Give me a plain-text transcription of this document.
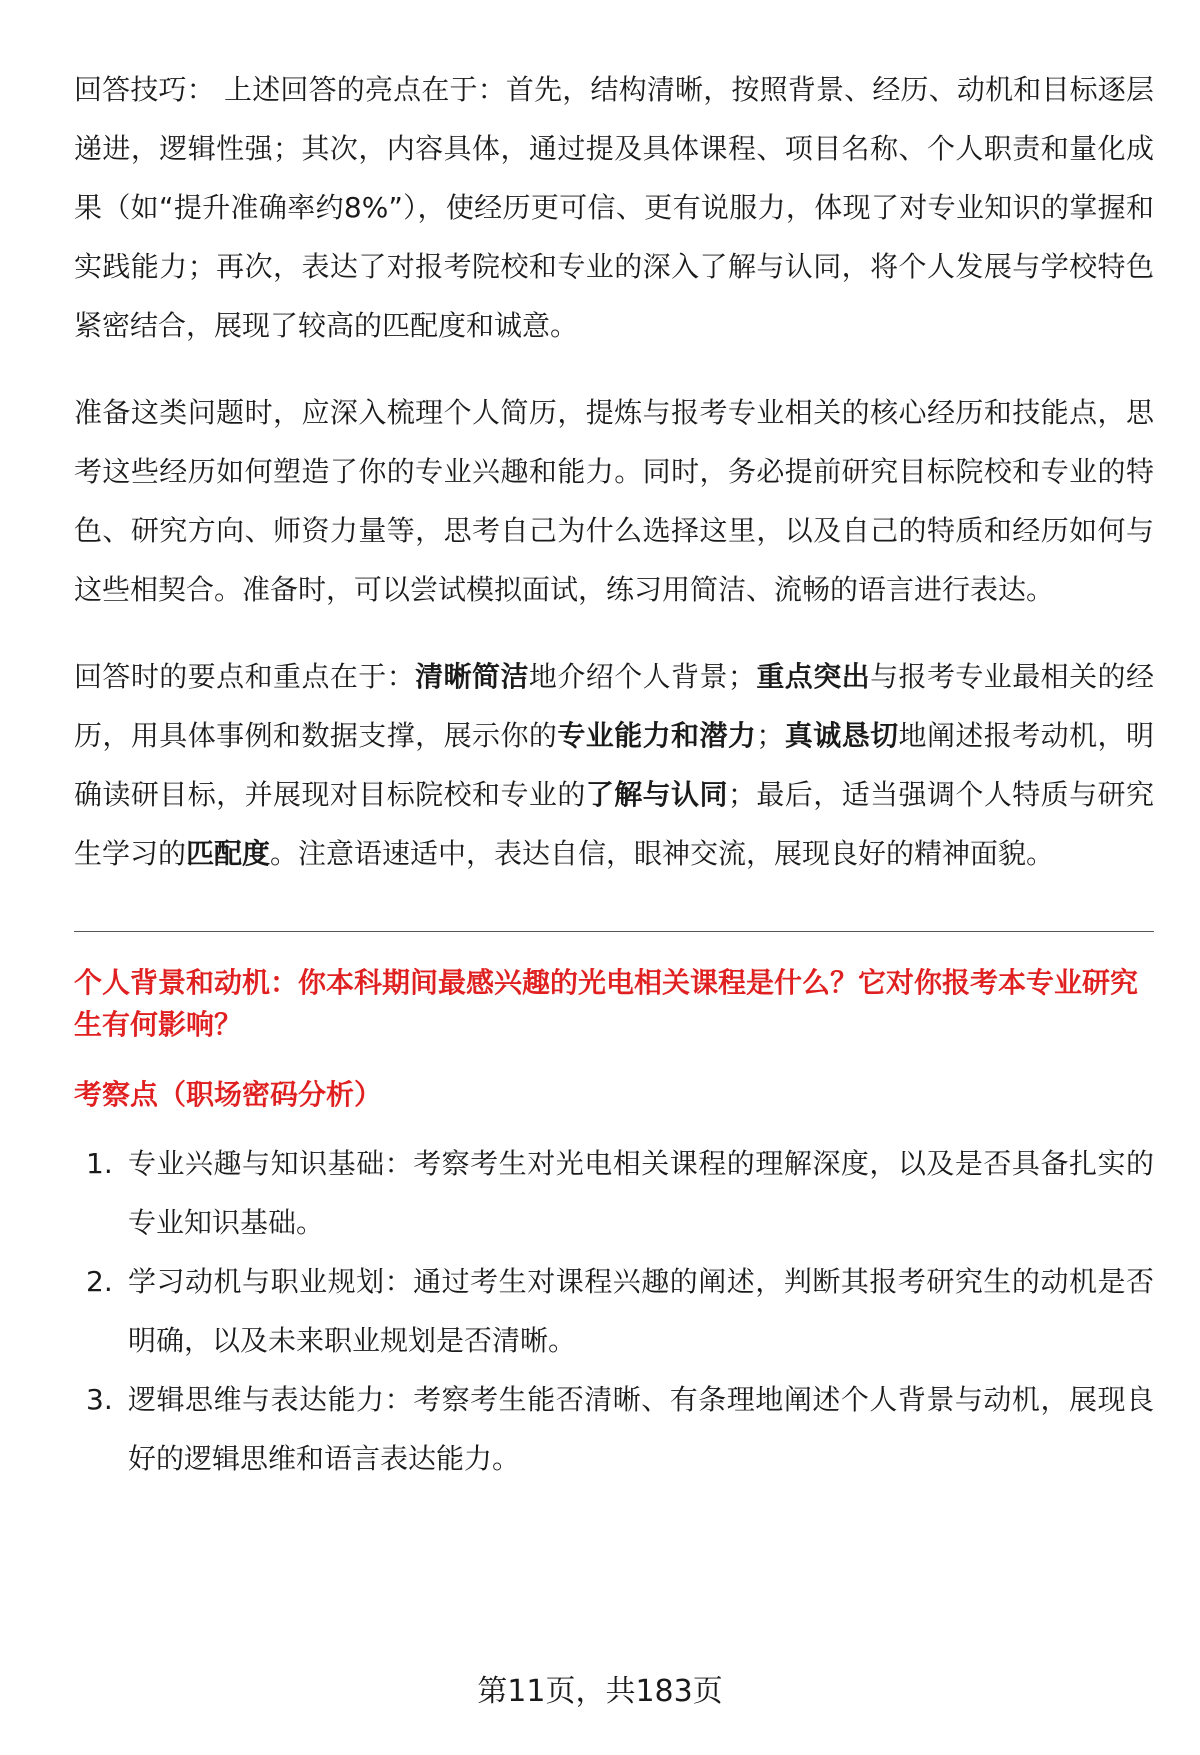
回答技巧： 上述回答的亮点在于：首先，结构清晰，按照背景、经历、动机和目标逐层递进，逻辑性强；其次，内容具体，通过提及具体课程、项目名称、个人职责和量化成果（如“提升准确率约8%”），使经历更可信、更有说服力，体现了对专业知识的掌握和实践能力；再次，表达了对报考院校和专业的深入了解与认同，将个人发展与学校特色紧密结合，展现了较高的匹配度和诚意。

准备这类问题时，应深入梳理个人简历，提炼与报考专业相关的核心经历和技能点，思考这些经历如何塑造了你的专业兴趣和能力。同时，务必提前研究目标院校和专业的特色、研究方向、师资力量等，思考自己为什么选择这里，以及自己的特质和经历如何与这些相契合。准备时，可以尝试模拟面试，练习用简洁、流畅的语言进行表达。

回答时的要点和重点在于：清晰简洁地介绍个人背景；重点突出与报考专业最相关的经历，用具体事例和数据支撑，展示你的专业能力和潜力；真诚恳切地阐述报考动机，明确读研目标，并展现对目标院校和专业的了解与认同；最后，适当强调个人特质与研究生学习的匹配度。注意语速适中，表达自信，眼神交流，展现良好的精神面貌。

个人背景和动机：你本科期间最感兴趣的光电相关课程是什么？它对你报考本专业研究生有何影响？

考察点（职场密码分析）

1. 专业兴趣与知识基础：考察考生对光电相关课程的理解深度，以及是否具备扎实的专业知识基础。
2. 学习动机与职业规划：通过考生对课程兴趣的阐述，判断其报考研究生的动机是否明确，以及未来职业规划是否清晰。
3. 逻辑思维与表达能力：考察考生能否清晰、有条理地阐述个人背景与动机，展现良好的逻辑思维和语言表达能力。
第11页，共183页
